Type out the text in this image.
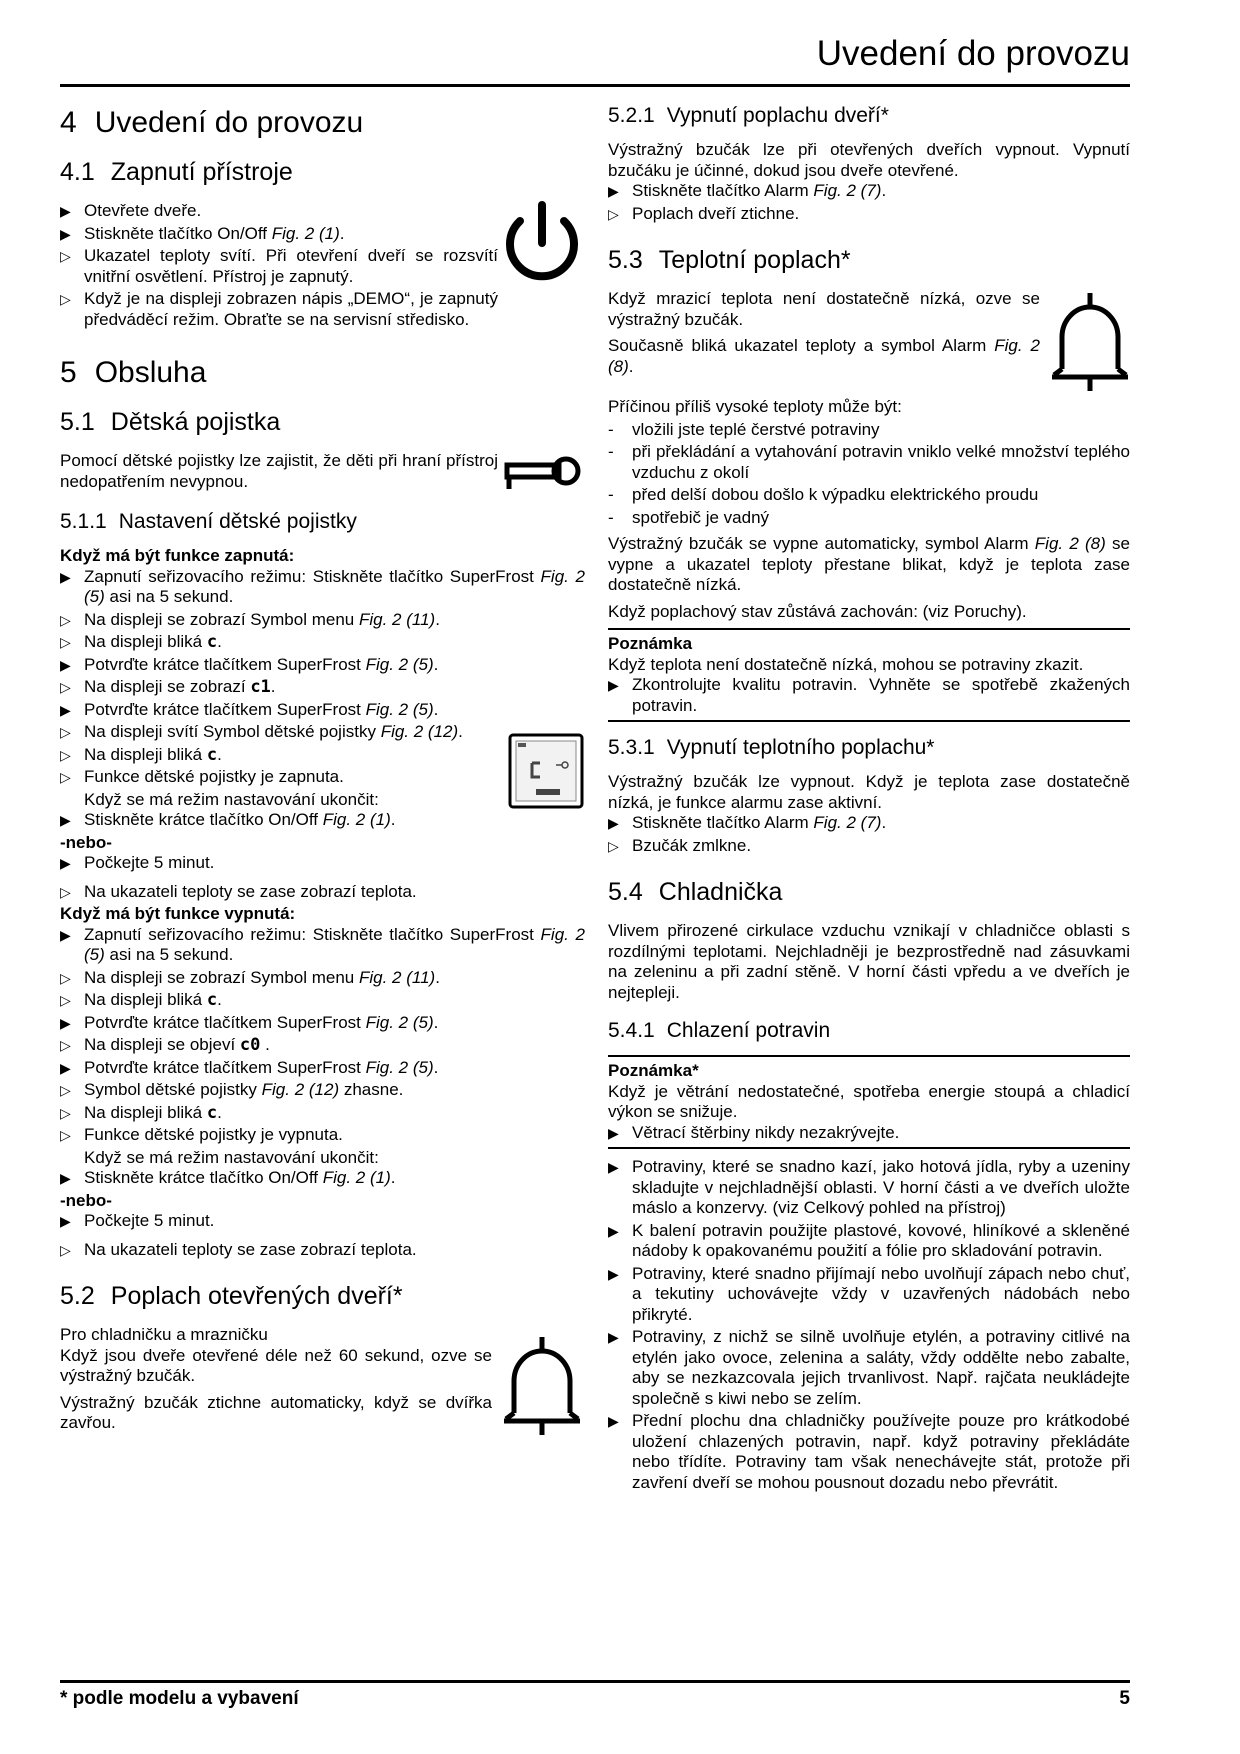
Uvedení do provozu
4 Uvedení do provozu
4.1 Zapnutí přístroje
▶ Otevřete dveře.
▶ Stiskněte tlačítko On/Off Fig. 2 (1).
▷ Ukazatel teploty svítí. Při otevření dveří se rozsvítí vnitřní osvětlení. Přístroj je zapnutý.
▷ Když je na displeji zobrazen nápis „DEMO“, je zapnutý předváděcí režim. Obraťte se na servisní středisko.
5 Obsluha
5.1 Dětská pojistka

Pomocí dětské pojistky lze zajistit, že děti při hraní přístroj nedopatřením nevypnou.

5.1.1 Nastavení dětské pojistky

Když má být funkce zapnutá:

▶ Zapnutí seřizovacího režimu: Stiskněte tlačítko SuperFrost Fig. 2 (5) asi na 5 sekund.
▷ Na displeji se zobrazí Symbol menu Fig. 2 (11).
▷ Na displeji bliká c.
▶ Potvrďte krátce tlačítkem SuperFrost Fig. 2 (5).
▷ Na displeji se zobrazí c1.
▶ Potvrďte krátce tlačítkem SuperFrost Fig. 2 (5).
▷ Na displeji svítí Symbol dětské pojistky Fig. 2 (12).
▷ Na displeji bliká c.
▷ Funkce dětské pojistky je zapnuta.
Když se má režim nastavování ukončit:
▶ Stiskněte krátce tlačítko On/Off Fig. 2 (1).

-nebo-

▶ Počkejte 5 minut.
▷ Na ukazateli teploty se zase zobrazí teplota.

Když má být funkce vypnutá:

▶ Zapnutí seřizovacího režimu: Stiskněte tlačítko SuperFrost Fig. 2 (5) asi na 5 sekund.
▷ Na displeji se zobrazí Symbol menu Fig. 2 (11).
▷ Na displeji bliká c.
▶ Potvrďte krátce tlačítkem SuperFrost Fig. 2 (5).
▷ Na displeji se objeví c0 .
▶ Potvrďte krátce tlačítkem SuperFrost Fig. 2 (5).
▷ Symbol dětské pojistky Fig. 2 (12) zhasne.
▷ Na displeji bliká c.
▷ Funkce dětské pojistky je vypnuta.
Když se má režim nastavování ukončit:
▶ Stiskněte krátce tlačítko On/Off Fig. 2 (1).

-nebo-

▶ Počkejte 5 minut.
▷ Na ukazateli teploty se zase zobrazí teplota.
5.2 Poplach otevřených dveří*

Pro chladničku a mrazničku

Když jsou dveře otevřené déle než 60 sekund, ozve se výstražný bzučák.

Výstražný bzučák ztichne automaticky, když se dvířka zavřou.

5.2.1 Vypnutí poplachu dveří*

Výstražný bzučák lze při otevřených dveřích vypnout. Vypnutí bzučáku je účinné, dokud jsou dveře otevřené.

▶ Stiskněte tlačítko Alarm Fig. 2 (7).
▷ Poplach dveří ztichne.
5.3 Teplotní poplach*

Když mrazicí teplota není dostatečně nízká, ozve se výstražný bzučák.

Současně bliká ukazatel teploty a symbol Alarm Fig. 2 (8).

Příčinou příliš vysoké teploty může být:

-	vložili jste teplé čerstvé potraviny
-	při překládání a vytahování potravin vniklo velké množství teplého vzduchu z okolí
-	před delší dobou došlo k výpadku elektrického proudu
-	spotřebič je vadný

Výstražný bzučák se vypne automaticky, symbol Alarm Fig. 2 (8) se vypne a ukazatel teploty přestane blikat, když je teplota zase dostatečně nízká.

Když poplachový stav zůstává zachován: (viz Poruchy).

Poznámka

Když teplota není dostatečně nízká, mohou se potraviny zkazit.

▶ Zkontrolujte kvalitu potravin. Vyhněte se spotřebě zkažených potravin.
5.3.1 Vypnutí teplotního poplachu*

Výstražný bzučák lze vypnout. Když je teplota zase dostatečně nízká, je funkce alarmu zase aktivní.

▶ Stiskněte tlačítko Alarm Fig. 2 (7).
▷ Bzučák zmlkne.
5.4 Chladnička

Vlivem přirozené cirkulace vzduchu vznikají v chladničce oblasti s rozdílnými teplotami. Nejchladněji je bezprostředně nad zásuvkami na zeleninu a při zadní stěně. V horní části vpředu a ve dveřích je nejtepleji.

5.4.1 Chlazení potravin

Poznámka*

Když je větrání nedostatečné, spotřeba energie stoupá a chladicí výkon se snižuje.

▶ Větrací štěrbiny nikdy nezakrývejte.
▶ Potraviny, které se snadno kazí, jako hotová jídla, ryby a uzeniny skladujte v nejchladnější oblasti. V horní části a ve dveřích uložte máslo a konzervy. (viz Celkový pohled na přístroj)
▶ K balení potravin použijte plastové, kovové, hliníkové a skleněné nádoby k opakovanému použití a fólie pro skladování potravin.
▶ Potraviny, které snadno přijímají nebo uvolňují zápach nebo chuť, a tekutiny uchovávejte vždy v uzavřených nádobách nebo přikryté.
▶ Potraviny, z nichž se silně uvolňuje etylén, a potraviny citlivé na etylén jako ovoce, zelenina a saláty, vždy oddělte nebo zabalte, aby se nezkazcovala jejich trvanlivost. Např. rajčata neukládejte společně s kiwi nebo se zelím.
▶ Přední plochu dna chladničky používejte pouze pro krátkodobé uložení chlazených potravin, např. když potraviny překládáte nebo třídíte. Potraviny tam však nenechávejte stát, protože při zavření dveří se mohou pousnout dozadu nebo převrátit.
* podle modelu a vybavení	5
